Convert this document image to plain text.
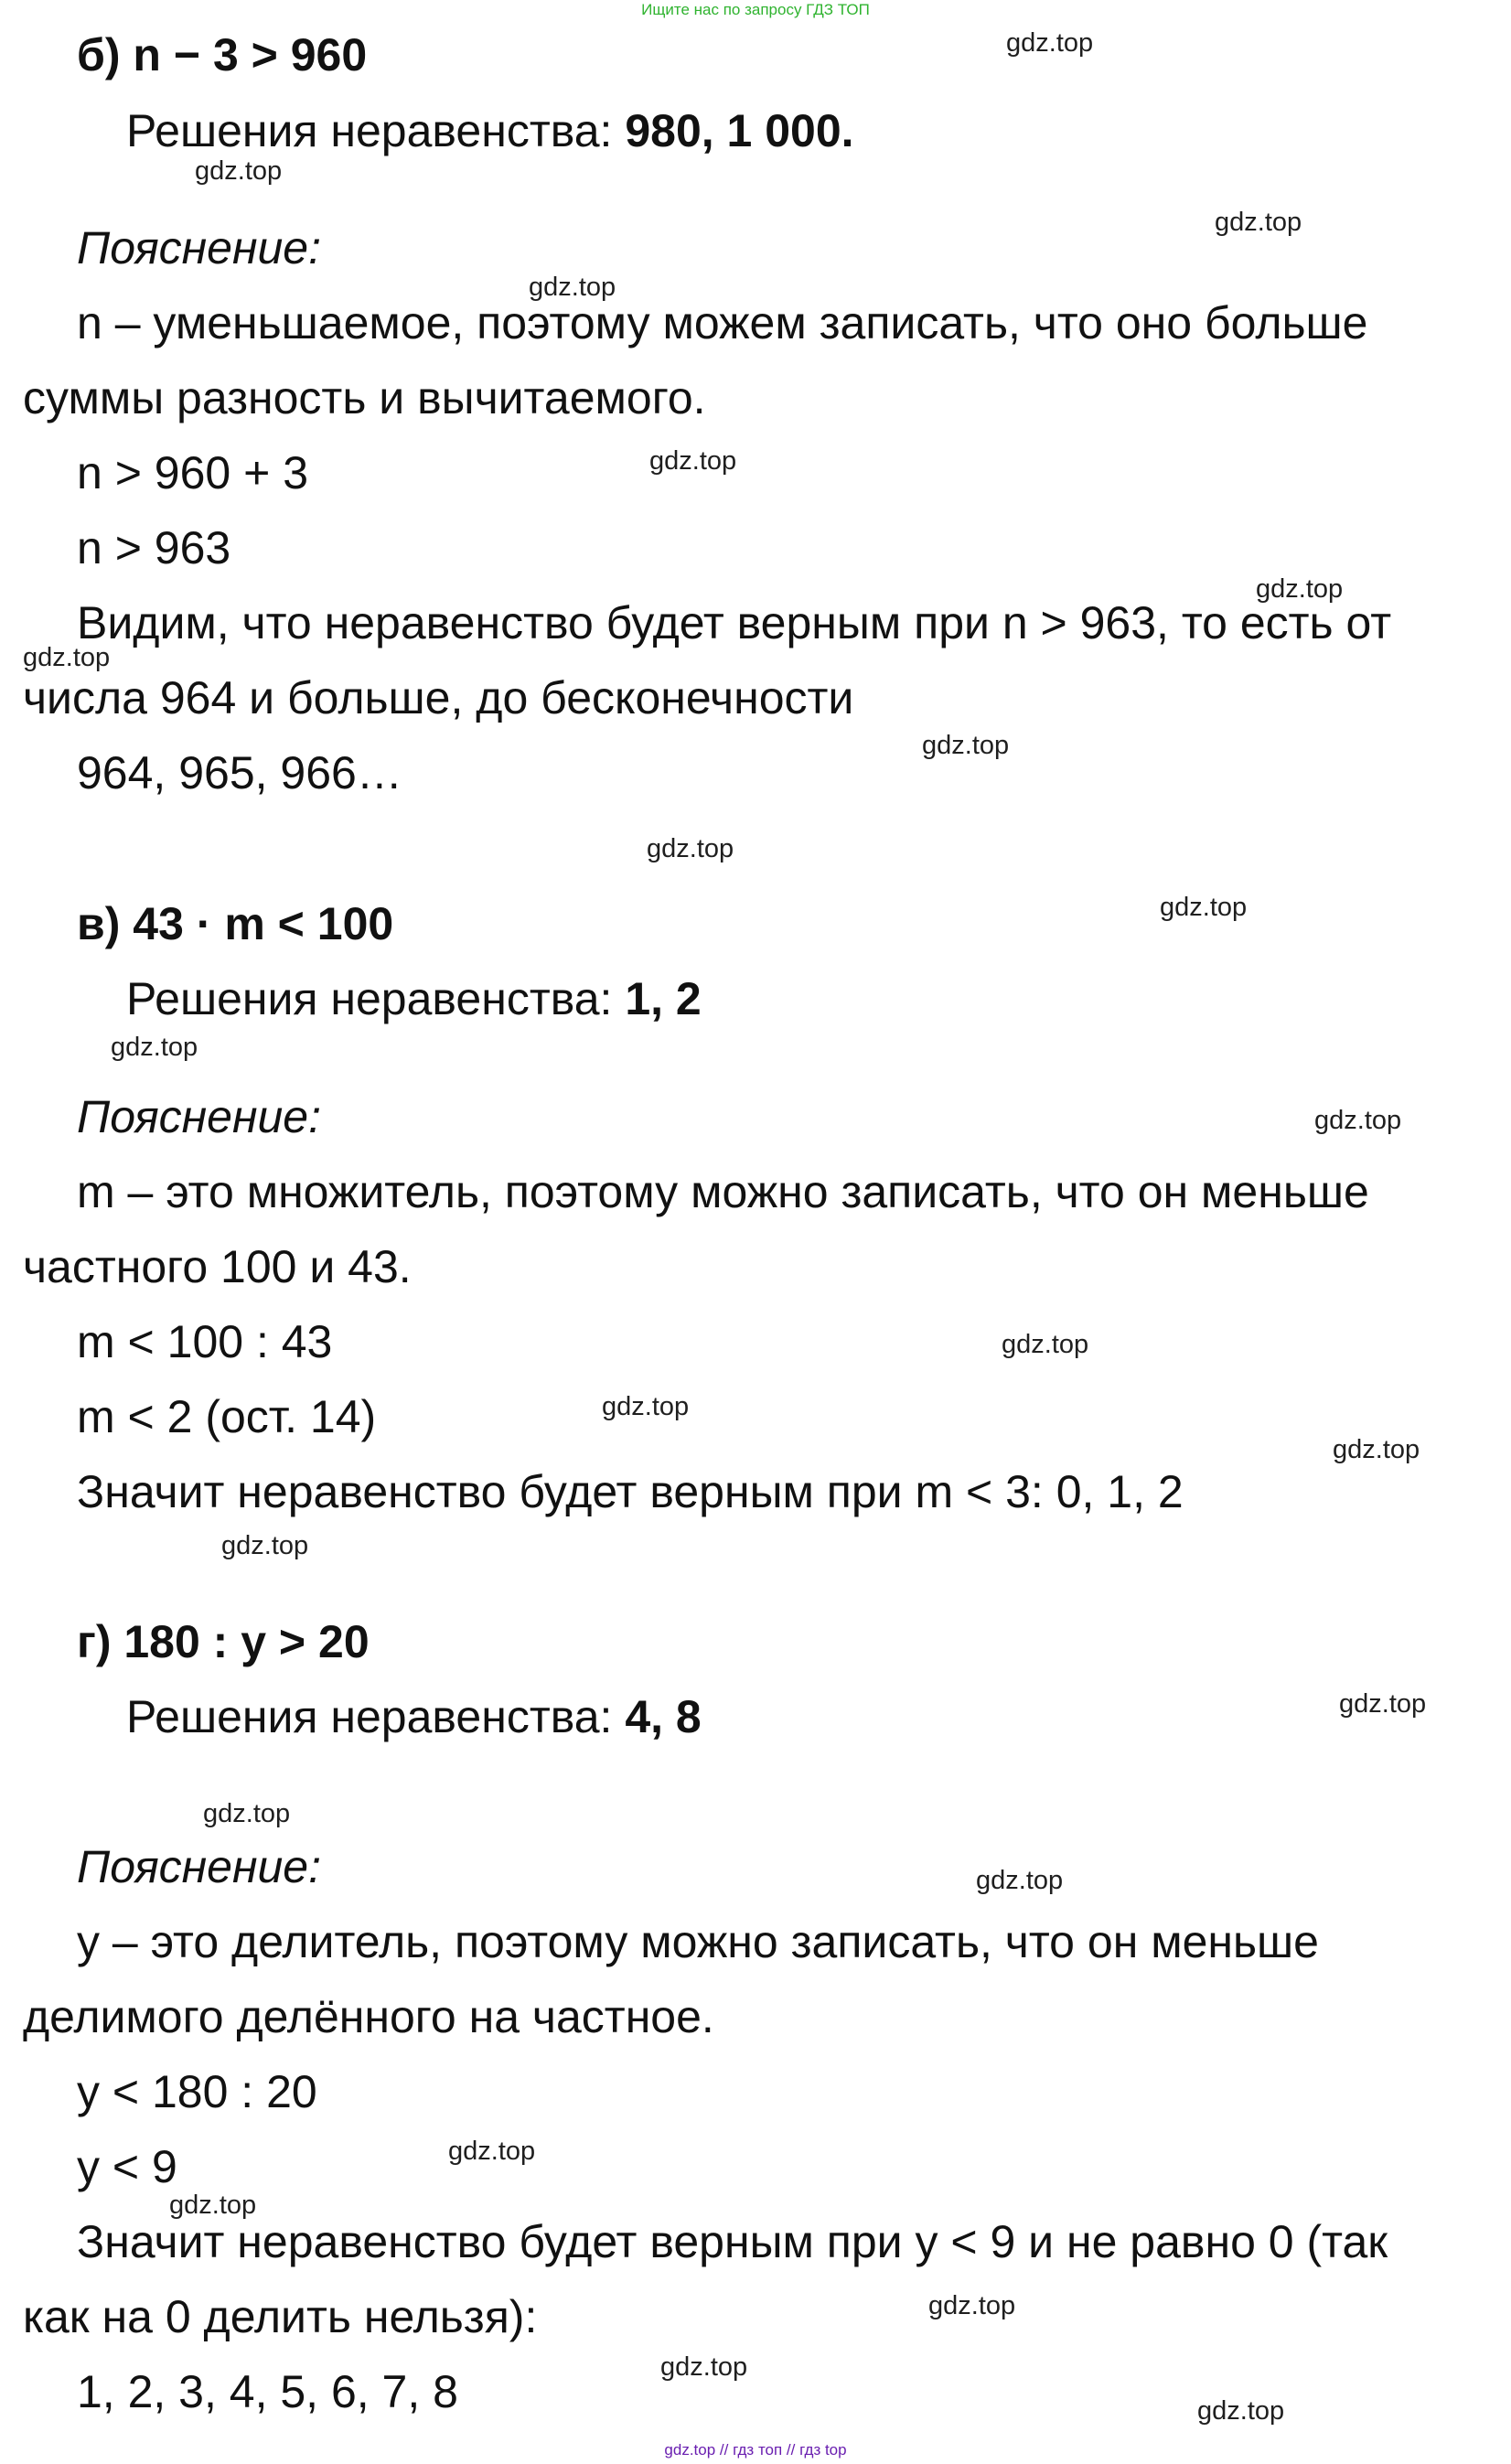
Ищите нас по запросу ГДЗ ТОП
б) n − 3 > 960
Решения неравенства: 980, 1 000.
Пояснение:
n – уменьшаемое, поэтому можем записать, что оно больше
суммы разность и вычитаемого.
n > 960 + 3
n > 963
Видим, что неравенство будет верным при n > 963, то есть от
числа 964 и больше, до бесконечности
964, 965, 966…
в) 43 · m < 100
Решения неравенства: 1, 2
Пояснение:
m – это множитель, поэтому можно записать, что он меньше
частного 100 и 43.
m < 100 : 43
m < 2 (ост. 14)
Значит неравенство будет верным при m < 3: 0, 1, 2
г) 180 : y > 20
Решения неравенства: 4, 8
Пояснение:
y – это делитель, поэтому можно записать, что он меньше
делимого делённого на частное.
y < 180 : 20
y < 9
Значит неравенство будет верным при y < 9 и не равно 0 (так
как на 0 делить нельзя):
1, 2, 3, 4, 5, 6, 7, 8
gdz.top
gdz.top
gdz.top
gdz.top
gdz.top
gdz.top
gdz.top
gdz.top
gdz.top
gdz.top
gdz.top
gdz.top
gdz.top
gdz.top
gdz.top
gdz.top
gdz.top
gdz.top
gdz.top
gdz.top
gdz.top
gdz.top
gdz.top
gdz.top
gdz.top // гдз топ // гдз top
